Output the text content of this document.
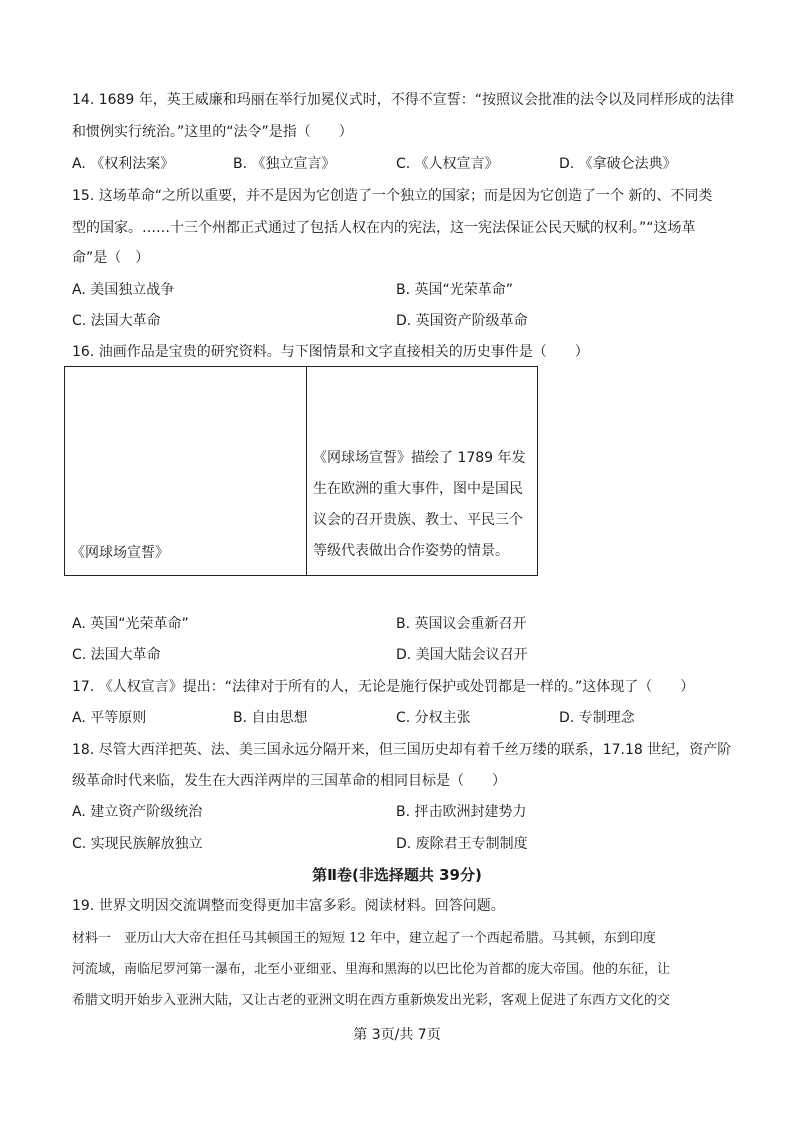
14. 1689 年，英王威廉和玛丽在举行加冕仪式时，不得不宣誓：“按照议会批准的法令以及同样形成的法律
和惯例实行统治。”这里的“法令”是指（　　）
A. 《权利法案》	B. 《独立宣言》	C. 《人权宣言》	D. 《拿破仑法典》
15. 这场革命“之所以重要，并不是因为它创造了一个独立的国家；而是因为它创造了一个 新的、不同类
型的国家。……十三个州都正式通过了包括人权在内的宪法，这一宪法保证公民天赋的权利。”“这场革
命”是（　）
A. 美国独立战争	B. 英国“光荣革命”
C. 法国大革命	D. 英国资产阶级革命
16. 油画作品是宝贵的研究资料。与下图情景和文字直接相关的历史事件是（　　）
《网球场宣誓》
《网球场宣誓》描绘了 1789 年发生在欧洲的重大事件，图中是国民议会的召开贵族、教士、平民三个等级代表做出合作姿势的情景。
A. 英国“光荣革命”	B. 英国议会重新召开
C. 法国大革命	D. 美国大陆会议召开
17. 《人权宣言》提出：“法律对于所有的人，无论是施行保护或处罚都是一样的。”这体现了（　　）
A. 平等原则	B. 自由思想	C. 分权主张	D. 专制理念
18. 尽管大西洋把英、法、美三国永远分隔开来，但三国历史却有着千丝万缕的联系，17.18 世纪，资产阶
级革命时代来临，发生在大西洋两岸的三国革命的相同目标是（　　）
A. 建立资产阶级统治	B. 抨击欧洲封建势力
C. 实现民族解放独立	D. 废除君王专制制度
第Ⅱ卷(非选择题共 39分)
19. 世界文明因交流调整而变得更加丰富多彩。阅读材料。回答问题。
材料一　亚历山大大帝在担任马其顿国王的短短 12 年中，建立起了一个西起希腊。马其顿，东到印度
河流域，南临尼罗河第一瀑布，北至小亚细亚、里海和黑海的以巴比伦为首都的庞大帝国。他的东征，让
希腊文明开始步入亚洲大陆，又让古老的亚洲文明在西方重新焕发出光彩，客观上促进了东西方文化的交
第 3页/共 7页
